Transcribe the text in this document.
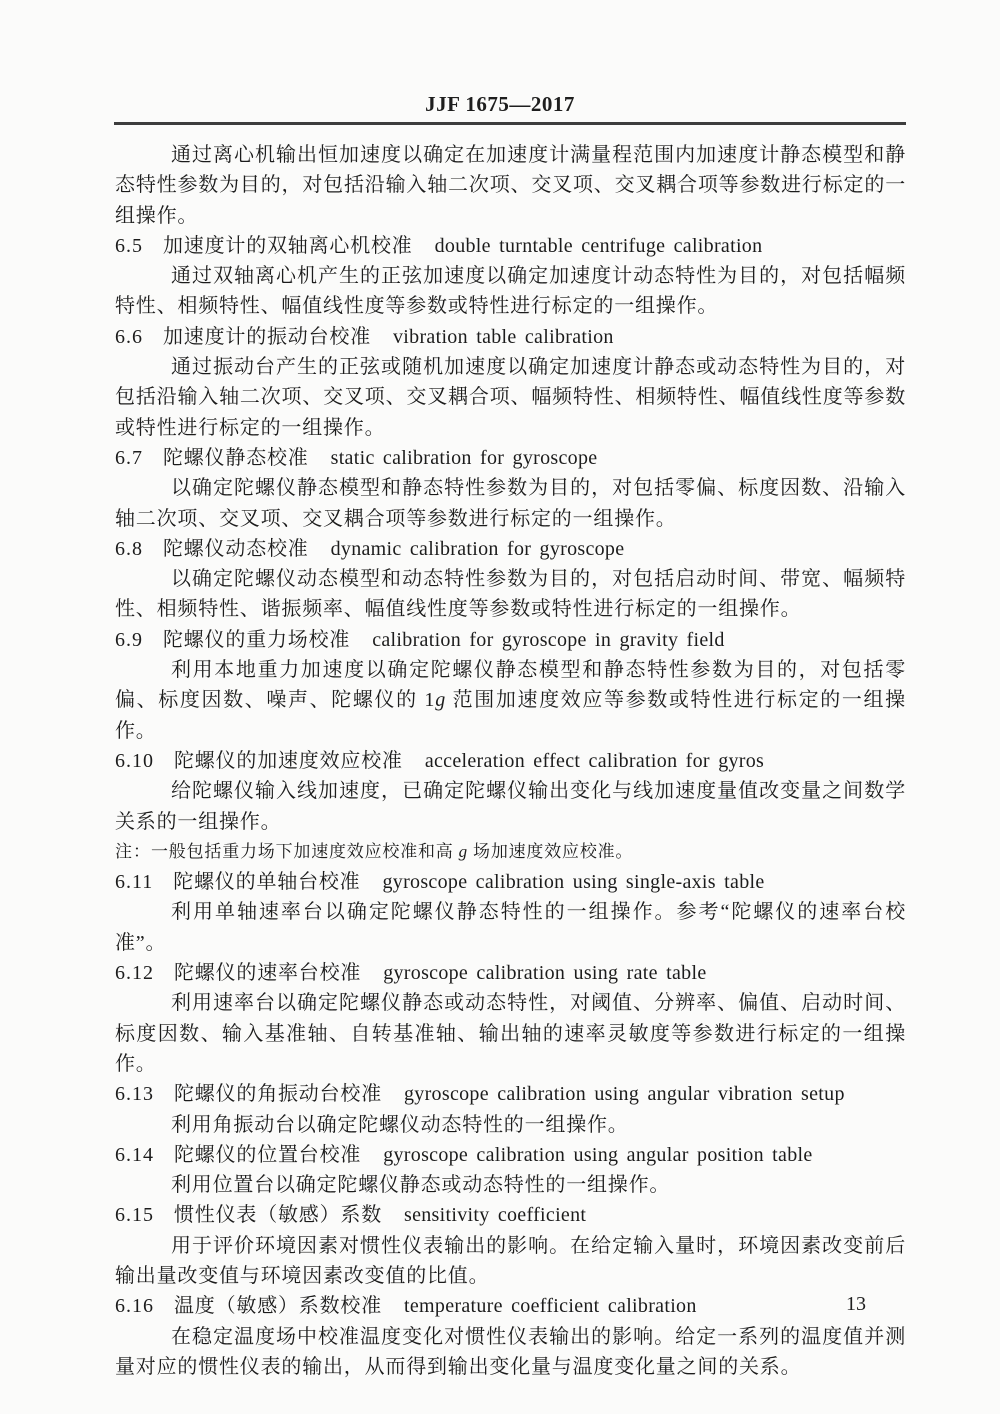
JJF 1675—2017

通过离心机输出恒加速度以确定在加速度计满量程范围内加速度计静态模型和静态特性参数为目的，对包括沿输入轴二次项、交叉项、交叉耦合项等参数进行标定的一组操作。

6.5 加速度计的双轴离心机校准 double turntable centrifuge calibration

通过双轴离心机产生的正弦加速度以确定加速度计动态特性为目的，对包括幅频特性、相频特性、幅值线性度等参数或特性进行标定的一组操作。

6.6 加速度计的振动台校准 vibration table calibration

通过振动台产生的正弦或随机加速度以确定加速度计静态或动态特性为目的，对包括沿输入轴二次项、交叉项、交叉耦合项、幅频特性、相频特性、幅值线性度等参数或特性进行标定的一组操作。

6.7 陀螺仪静态校准 static calibration for gyroscope

以确定陀螺仪静态模型和静态特性参数为目的，对包括零偏、标度因数、沿输入轴二次项、交叉项、交叉耦合项等参数进行标定的一组操作。

6.8 陀螺仪动态校准 dynamic calibration for gyroscope

以确定陀螺仪动态模型和动态特性参数为目的，对包括启动时间、带宽、幅频特性、相频特性、谐振频率、幅值线性度等参数或特性进行标定的一组操作。

6.9 陀螺仪的重力场校准 calibration for gyroscope in gravity field

利用本地重力加速度以确定陀螺仪静态模型和静态特性参数为目的，对包括零偏、标度因数、噪声、陀螺仪的 1g 范围加速度效应等参数或特性进行标定的一组操作。

6.10 陀螺仪的加速度效应校准 acceleration effect calibration for gyros

给陀螺仪输入线加速度，已确定陀螺仪输出变化与线加速度量值改变量之间数学关系的一组操作。

注：一般包括重力场下加速度效应校准和高 g 场加速度效应校准。

6.11 陀螺仪的单轴台校准 gyroscope calibration using single-axis table

利用单轴速率台以确定陀螺仪静态特性的一组操作。参考“陀螺仪的速率台校准”。

6.12 陀螺仪的速率台校准 gyroscope calibration using rate table

利用速率台以确定陀螺仪静态或动态特性，对阈值、分辨率、偏值、启动时间、标度因数、输入基准轴、自转基准轴、输出轴的速率灵敏度等参数进行标定的一组操作。

6.13 陀螺仪的角振动台校准 gyroscope calibration using angular vibration setup

利用角振动台以确定陀螺仪动态特性的一组操作。

6.14 陀螺仪的位置台校准 gyroscope calibration using angular position table

利用位置台以确定陀螺仪静态或动态特性的一组操作。

6.15 惯性仪表（敏感）系数 sensitivity coefficient

用于评价环境因素对惯性仪表输出的影响。在给定输入量时，环境因素改变前后输出量改变值与环境因素改变值的比值。

6.16 温度（敏感）系数校准 temperature coefficient calibration

在稳定温度场中校准温度变化对惯性仪表输出的影响。给定一系列的温度值并测量对应的惯性仪表的输出，从而得到输出变化量与温度变化量之间的关系。

13
